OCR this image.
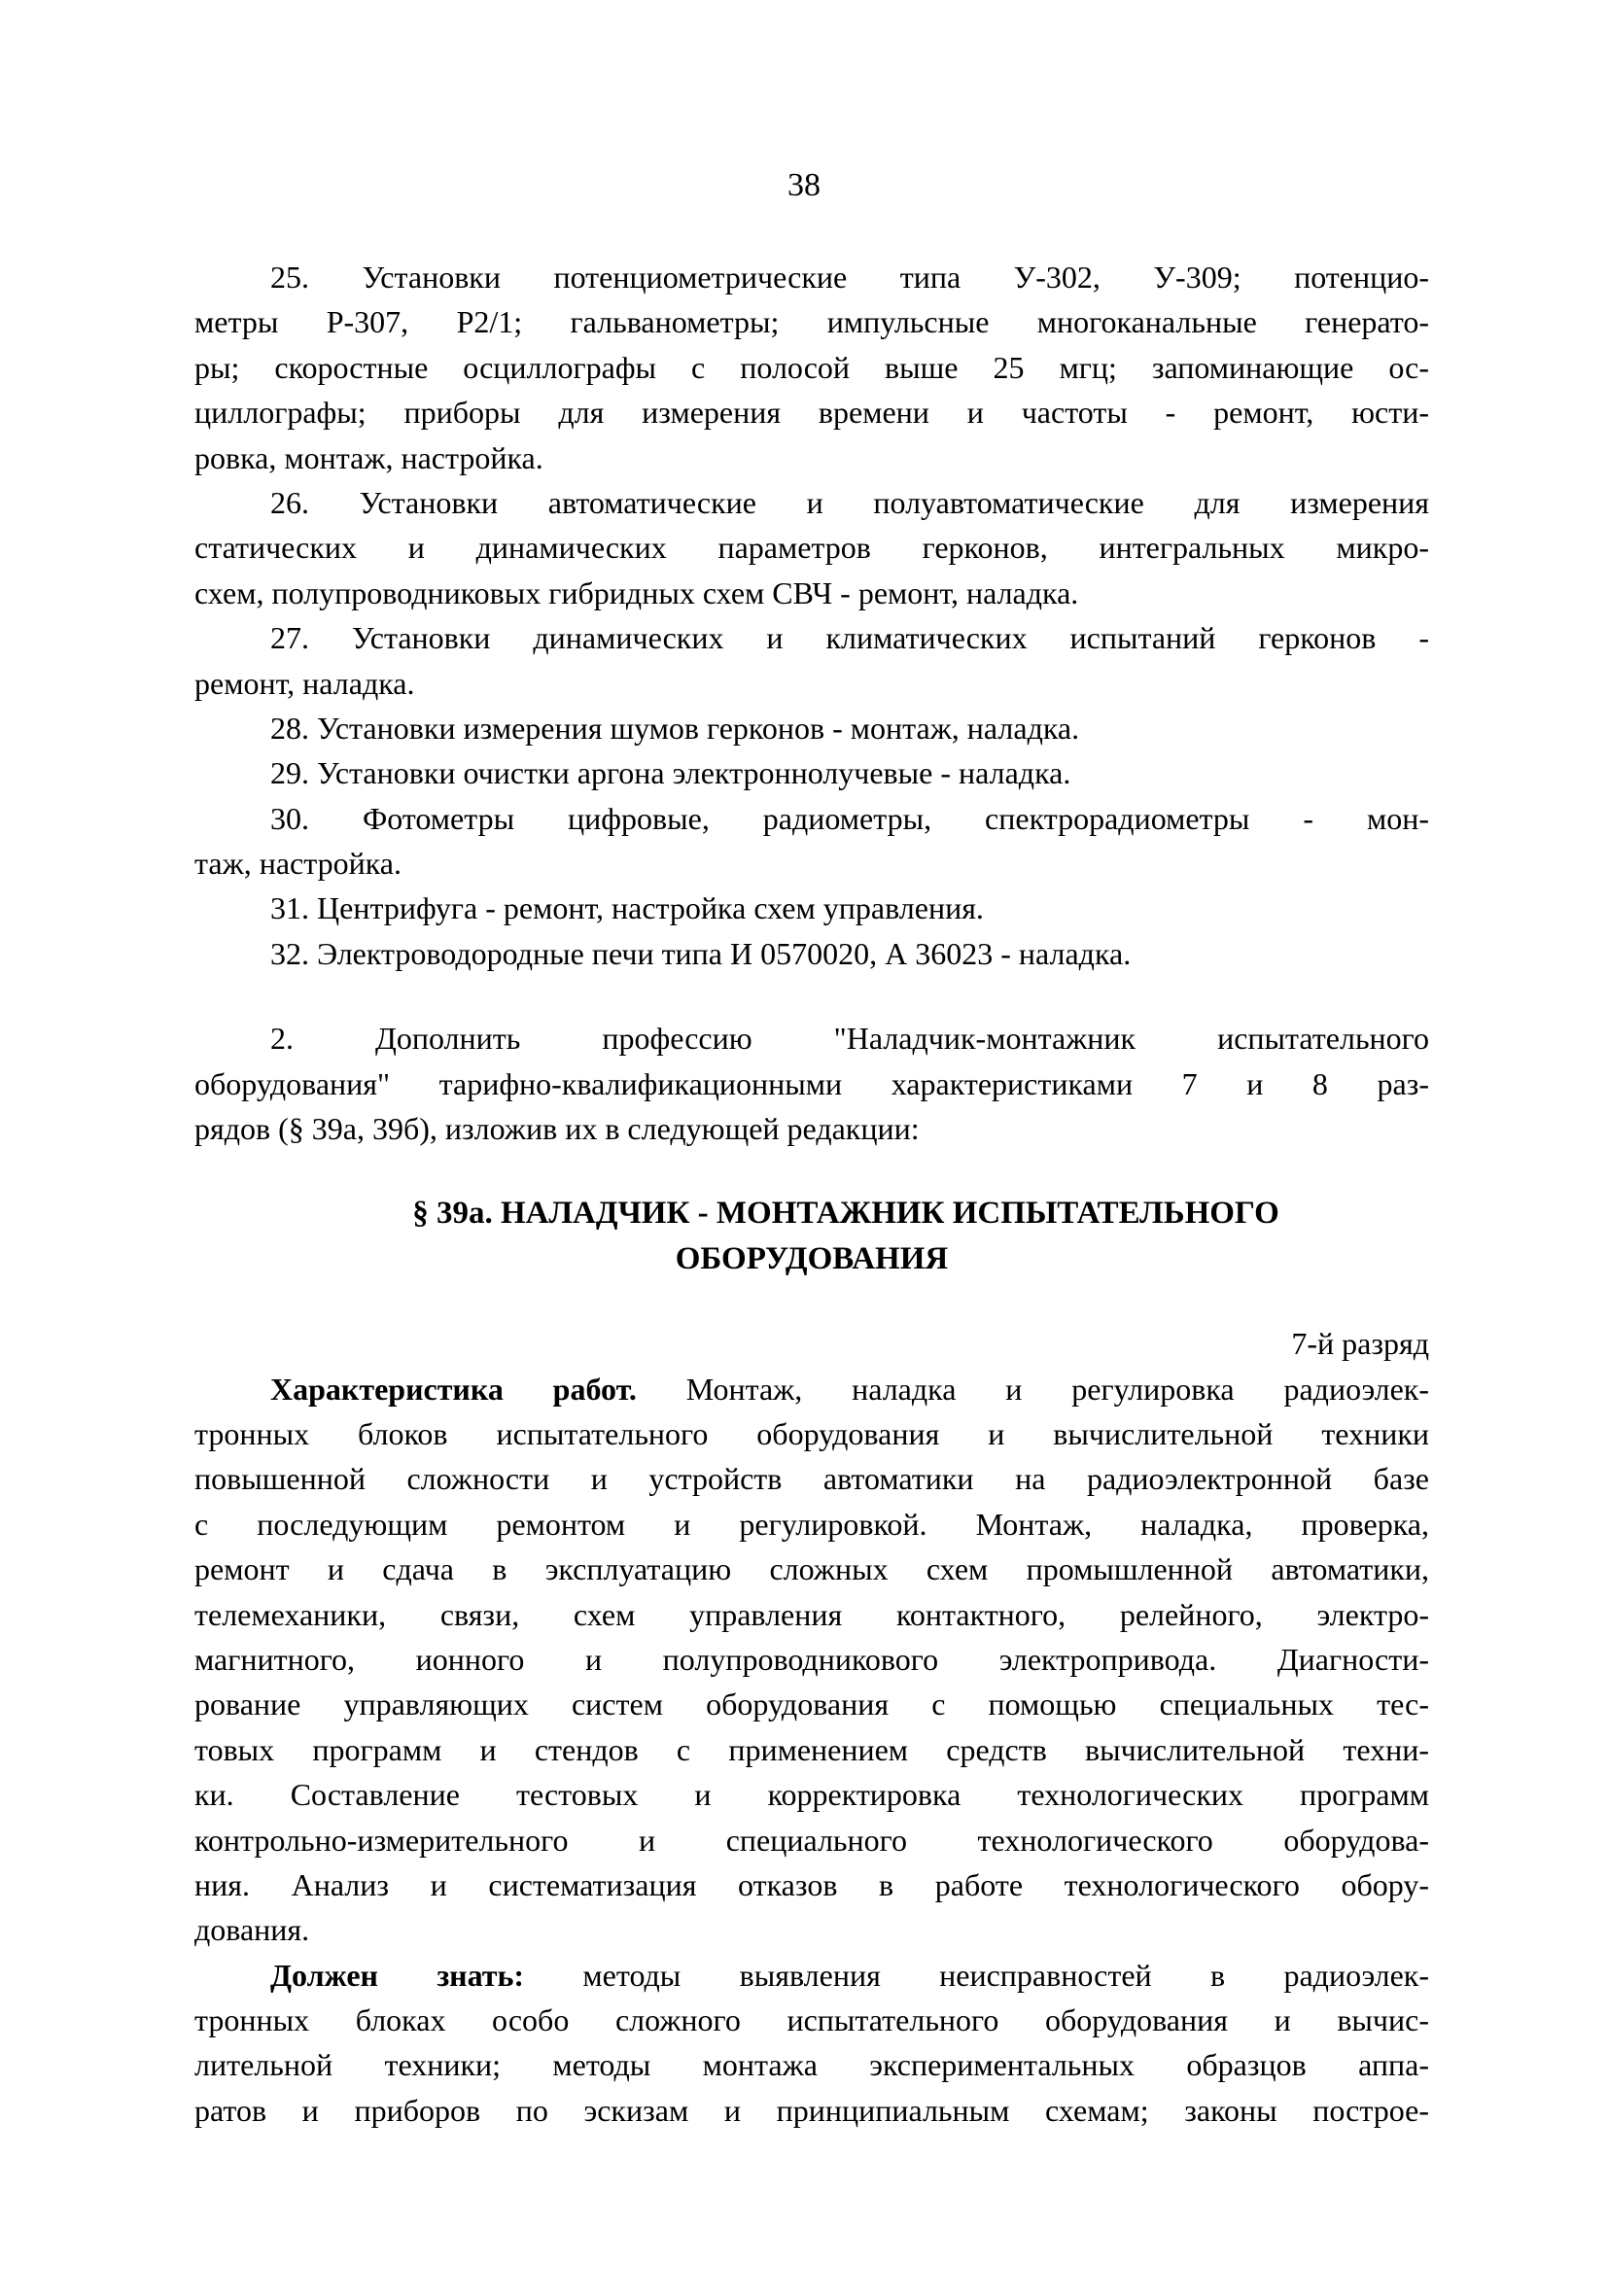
38
25. Установки потенциометрические типа У-302, У-309; потенцио-
метры Р-307, Р2/1; гальванометры; импульсные многоканальные генерато-
ры; скоростные осциллографы с полосой выше 25 мгц; запоминающие ос-
циллографы; приборы для измерения времени и частоты - ремонт, юсти-
ровка, монтаж, настройка.
26. Установки автоматические и полуавтоматические для измерения
статических и динамических параметров герконов, интегральных микро-
схем, полупроводниковых гибридных схем СВЧ - ремонт, наладка.
27. Установки динамических и климатических испытаний герконов -
ремонт, наладка.
28. Установки измерения шумов герконов - монтаж, наладка.
29. Установки очистки аргона электроннолучевые - наладка.
30. Фотометры цифровые, радиометры, спектрорадиометры - мон-
таж, настройка.
31. Центрифуга - ремонт, настройка схем управления.
32. Электроводородные печи типа И 0570020, А 36023 - наладка.
2. Дополнить профессию "Наладчик-монтажник испытательного
оборудования" тарифно-квалификационными характеристиками 7 и 8 раз-
рядов (§ 39а, 39б), изложив их в следующей редакции:
§ 39а. НАЛАДЧИК - МОНТАЖНИК ИСПЫТАТЕЛЬНОГО
ОБОРУДОВАНИЯ
7-й разряд
Характеристика работ. Монтаж, наладка и регулировка радиоэлек-
тронных блоков испытательного оборудования и вычислительной техники
повышенной сложности и устройств автоматики на радиоэлектронной базе
с последующим ремонтом и регулировкой. Монтаж, наладка, проверка,
ремонт и сдача в эксплуатацию сложных схем промышленной автоматики,
телемеханики, связи, схем управления контактного, релейного, электро-
магнитного, ионного и полупроводникового электропривода. Диагности-
рование управляющих систем оборудования с помощью специальных тес-
товых программ и стендов с применением средств вычислительной техни-
ки. Составление тестовых и корректировка технологических программ
контрольно-измерительного и специального технологического оборудова-
ния. Анализ и систематизация отказов в работе технологического обору-
дования.
Должен знать: методы выявления неисправностей в радиоэлек-
тронных блоках особо сложного испытательного оборудования и вычис-
лительной техники; методы монтажа экспериментальных образцов аппа-
ратов и приборов по эскизам и принципиальным схемам; законы построе-
